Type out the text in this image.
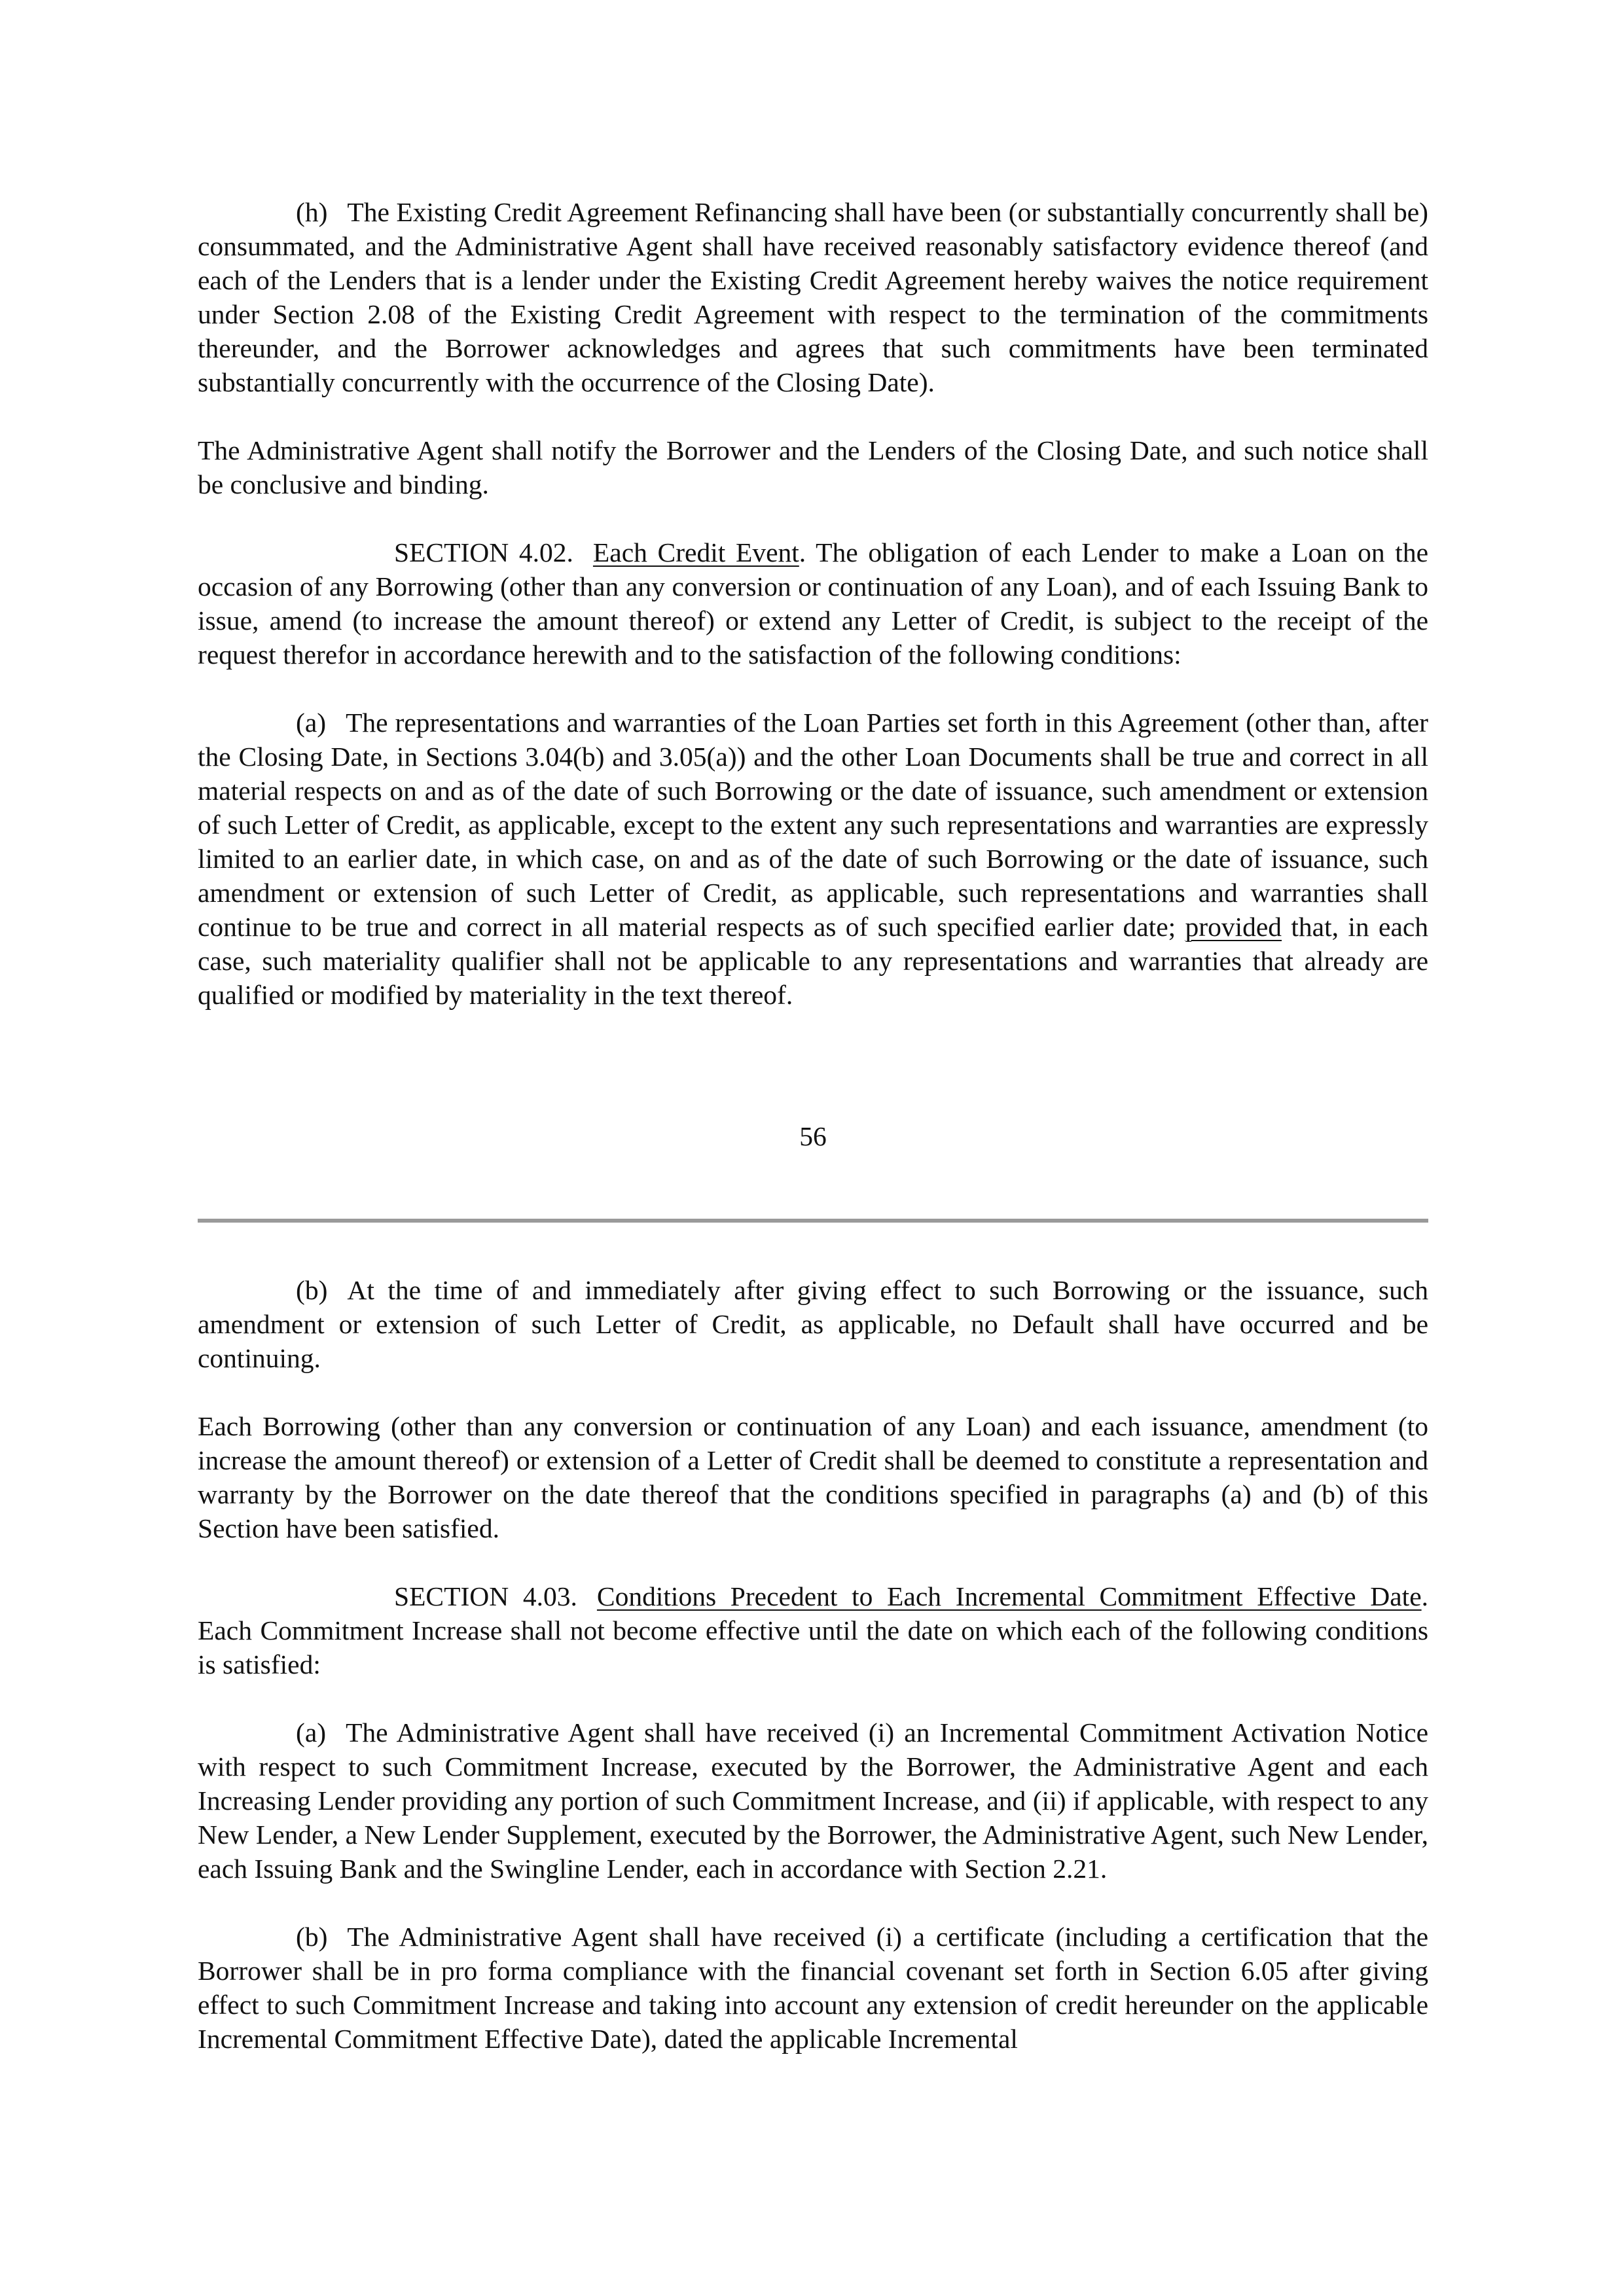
(h) The Existing Credit Agreement Refinancing shall have been (or substantially concurrently shall be) consummated, and the Administrative Agent shall have received reasonably satisfactory evidence thereof (and each of the Lenders that is a lender under the Existing Credit Agreement hereby waives the notice requirement under Section 2.08 of the Existing Credit Agreement with respect to the termination of the commitments thereunder, and the Borrower acknowledges and agrees that such commitments have been terminated substantially concurrently with the occurrence of the Closing Date).

The Administrative Agent shall notify the Borrower and the Lenders of the Closing Date, and such notice shall be conclusive and binding.

SECTION 4.02. Each Credit Event. The obligation of each Lender to make a Loan on the occasion of any Borrowing (other than any conversion or continuation of any Loan), and of each Issuing Bank to issue, amend (to increase the amount thereof) or extend any Letter of Credit, is subject to the receipt of the request therefor in accordance herewith and to the satisfaction of the following conditions:

(a) The representations and warranties of the Loan Parties set forth in this Agreement (other than, after the Closing Date, in Sections 3.04(b) and 3.05(a)) and the other Loan Documents shall be true and correct in all material respects on and as of the date of such Borrowing or the date of issuance, such amendment or extension of such Letter of Credit, as applicable, except to the extent any such representations and warranties are expressly limited to an earlier date, in which case, on and as of the date of such Borrowing or the date of issuance, such amendment or extension of such Letter of Credit, as applicable, such representations and warranties shall continue to be true and correct in all material respects as of such specified earlier date; provided that, in each case, such materiality qualifier shall not be applicable to any representations and warranties that already are qualified or modified by materiality in the text thereof.

56

(b) At the time of and immediately after giving effect to such Borrowing or the issuance, such amendment or extension of such Letter of Credit, as applicable, no Default shall have occurred and be continuing.

Each Borrowing (other than any conversion or continuation of any Loan) and each issuance, amendment (to increase the amount thereof) or extension of a Letter of Credit shall be deemed to constitute a representation and warranty by the Borrower on the date thereof that the conditions specified in paragraphs (a) and (b) of this Section have been satisfied.

SECTION 4.03. Conditions Precedent to Each Incremental Commitment Effective Date. Each Commitment Increase shall not become effective until the date on which each of the following conditions is satisfied:

(a) The Administrative Agent shall have received (i) an Incremental Commitment Activation Notice with respect to such Commitment Increase, executed by the Borrower, the Administrative Agent and each Increasing Lender providing any portion of such Commitment Increase, and (ii) if applicable, with respect to any New Lender, a New Lender Supplement, executed by the Borrower, the Administrative Agent, such New Lender, each Issuing Bank and the Swingline Lender, each in accordance with Section 2.21.

(b) The Administrative Agent shall have received (i) a certificate (including a certification that the Borrower shall be in pro forma compliance with the financial covenant set forth in Section 6.05 after giving effect to such Commitment Increase and taking into account any extension of credit hereunder on the applicable Incremental Commitment Effective Date), dated the applicable Incremental
